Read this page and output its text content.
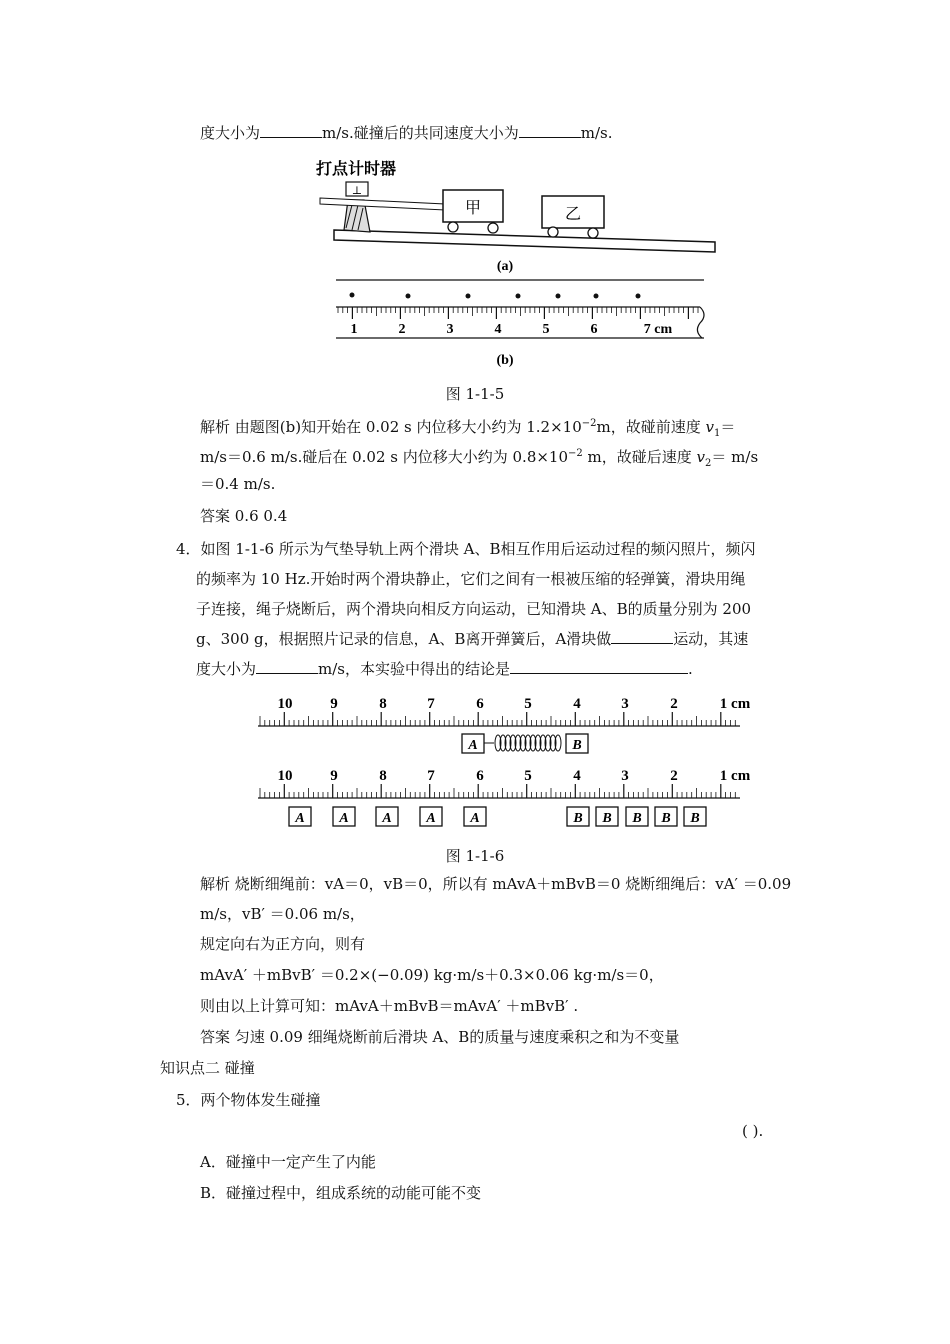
度大小为	m/s.碰撞后的共同速度大小为	m/s.
打点计时器
⊥
甲	乙
(a)
1	2	3	4	5	6	7 cm
(b)
图 1-1-5
解析 由题图(b)知开始在 0.02 s 内位移大小约为 $1.2\times 10^{-2}m$，故碰前速度 $v_1=$
m/s＝0.6 m/s.碰后在 0.02 s 内位移大小约为 $0.8\times 10^{-2}$ m，故碰后速度 $v_2= m/s$
＝0.4 m/s.
答案 0.6 0.4
4．如图 1-1-6 所示为气垫导轨上两个滑块 A、B相互作用后运动过程的频闪照片，频闪
的频率为 10 Hz.开始时两个滑块静止，它们之间有一根被压缩的轻弹簧，滑块用绳
子连接，绳子烧断后，两个滑块向相反方向运动，已知滑块 A、B的质量分别为 200
g、300 g，根据照片记录的信息，A、B离开弹簧后，A滑块做	运动，其速
度大小为	m/s，本实验中得出的结论是	.
10	9	8	7	6	5	4	3	2	1 cm
A	B
10	9	8	7	6	5	4	3	2	1 cm
A A A A A	B B B B B
图 1-1-6
解析 烧断细绳前：vA＝0，vB＝0，所以有 mAvA＋mBvB＝0 烧断细绳后：vA′ ＝0.09
m/s，vB′ ＝0.06 m/s，
规定向右为正方向，则有
mAvA′ ＋mBvB′ ＝0.2×(−0.09) kg·m/s＋0.3×0.06 kg·m/s＝0，
则由以上计算可知：mAvA＋mBvB＝mAvA′ ＋mBvB′ .
答案 匀速 0.09 细绳烧断前后滑块 A、B的质量与速度乘积之和为不变量
知识点二 碰撞
5．两个物体发生碰撞
( ).
A．碰撞中一定产生了内能
B．碰撞过程中，组成系统的动能可能不变
